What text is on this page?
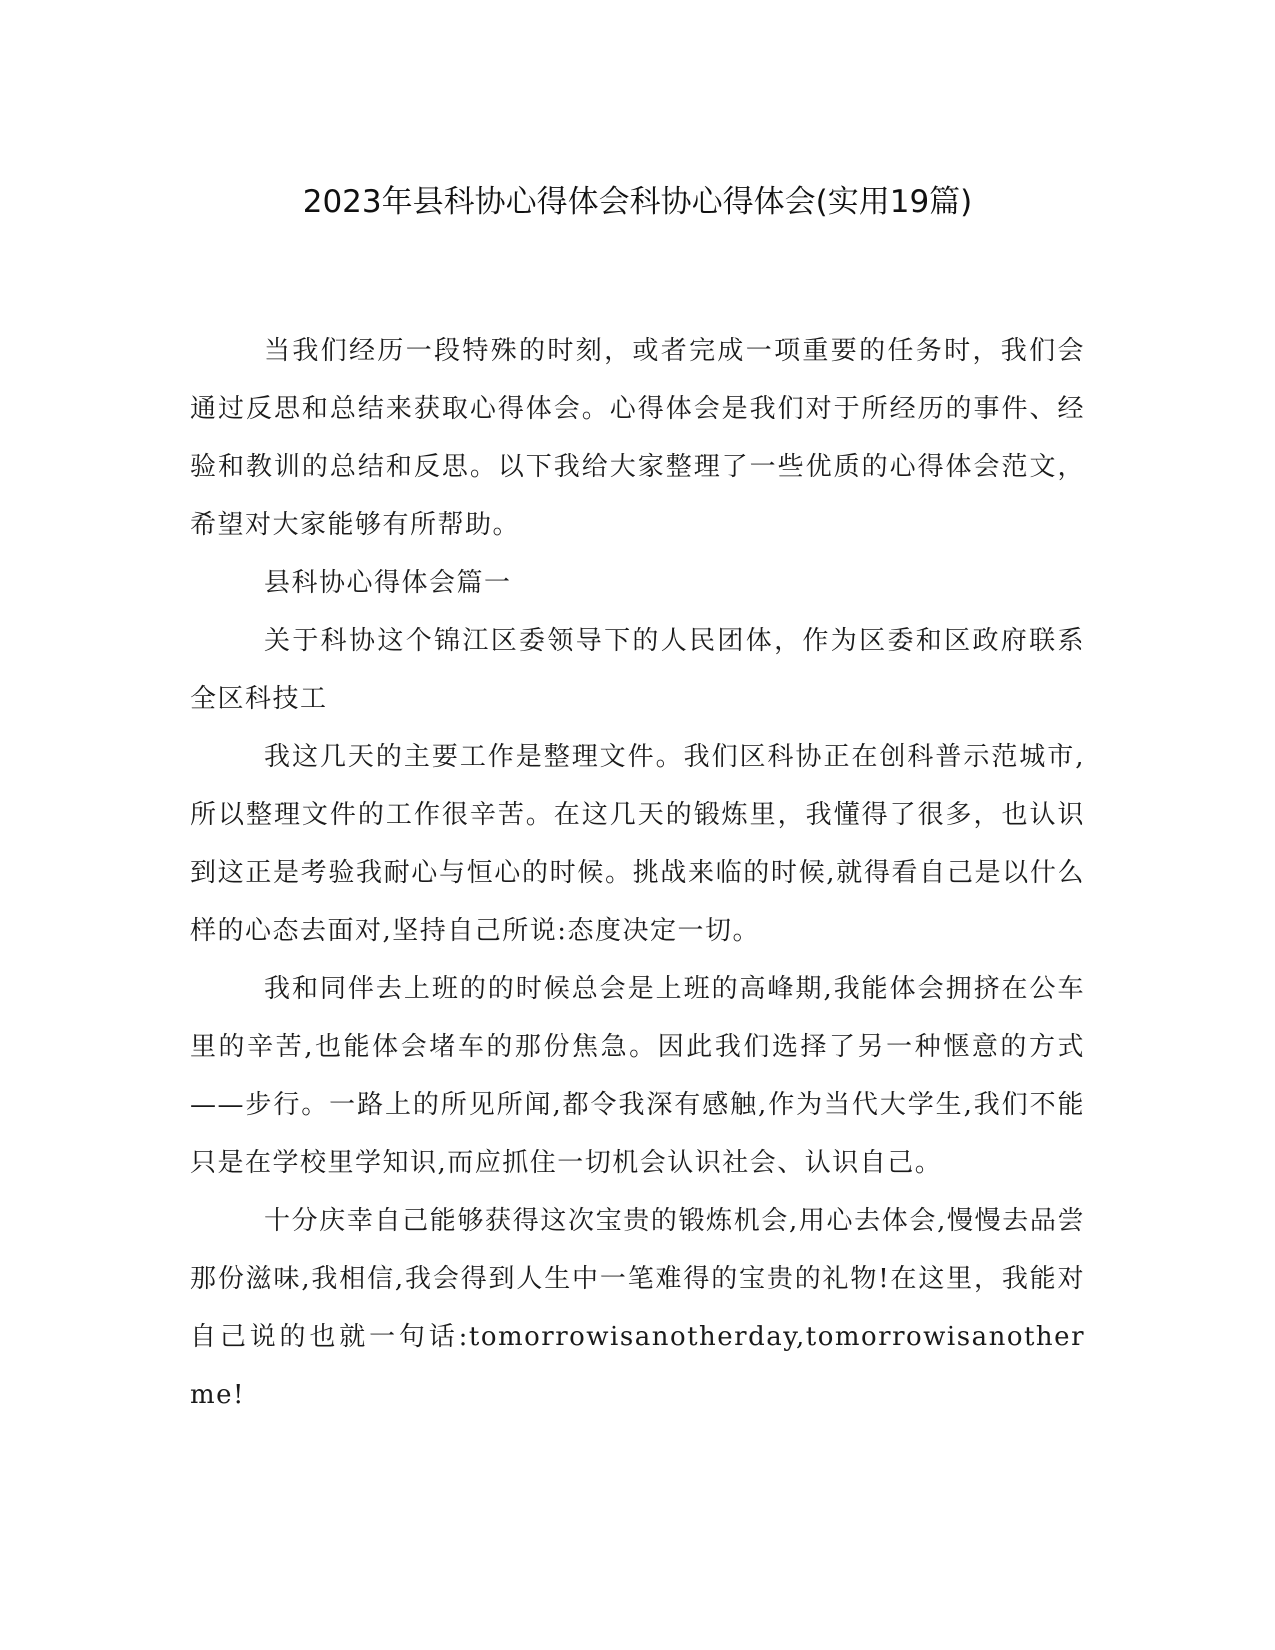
2023年县科协心得体会科协心得体会(实用19篇)

当我们经历一段特殊的时刻，或者完成一项重要的任务时，我们会通过反思和总结来获取心得体会。心得体会是我们对于所经历的事件、经验和教训的总结和反思。以下我给大家整理了一些优质的心得体会范文，希望对大家能够有所帮助。

县科协心得体会篇一

关于科协这个锦江区委领导下的人民团体，作为区委和区政府联系全区科技工

我这几天的主要工作是整理文件。我们区科协正在创科普示范城市,所以整理文件的工作很辛苦。在这几天的锻炼里，我懂得了很多，也认识到这正是考验我耐心与恒心的时候。挑战来临的时候,就得看自己是以什么样的心态去面对,坚持自己所说:态度决定一切。

我和同伴去上班的的时候总会是上班的高峰期,我能体会拥挤在公车里的辛苦,也能体会堵车的那份焦急。因此我们选择了另一种惬意的方式——步行。一路上的所见所闻,都令我深有感触,作为当代大学生,我们不能只是在学校里学知识,而应抓住一切机会认识社会、认识自己。

十分庆幸自己能够获得这次宝贵的锻炼机会,用心去体会,慢慢去品尝那份滋味,我相信,我会得到人生中一笔难得的宝贵的礼物!在这里，我能对自己说的也就一句话:tomorrowisanotherday,tomorrowisanotherme!
